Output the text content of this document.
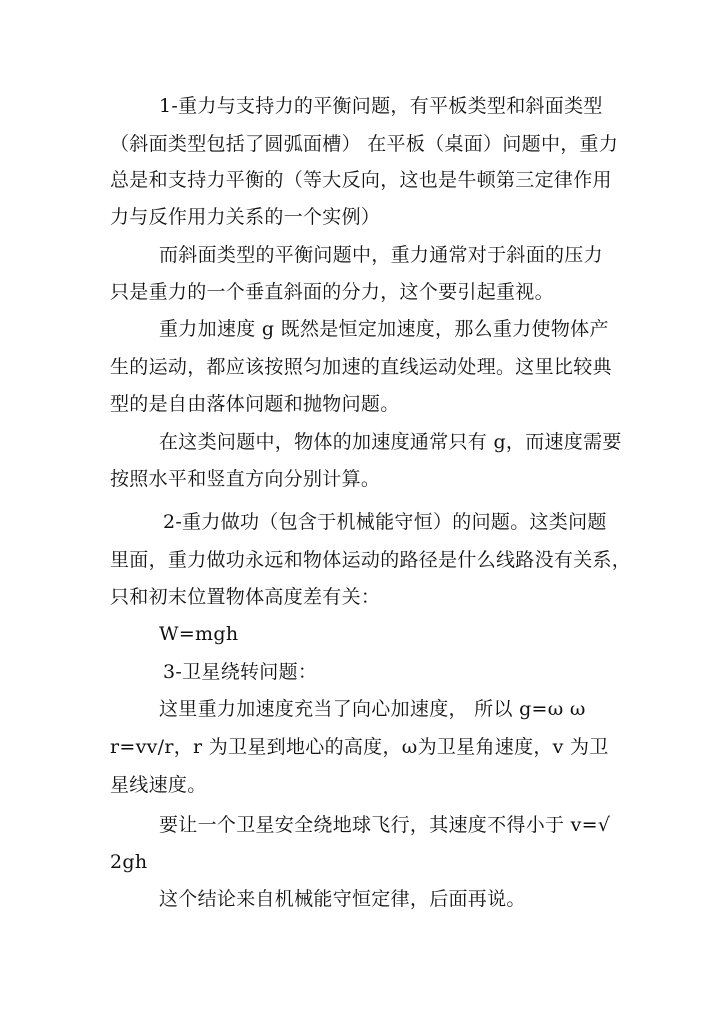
1-重力与支持力的平衡问题，有平板类型和斜面类型
（斜面类型包括了圆弧面槽） 在平板（桌面）问题中，重力
总是和支持力平衡的（等大反向，这也是牛顿第三定律作用
力与反作用力关系的一个实例）
而斜面类型的平衡问题中，重力通常对于斜面的压力
只是重力的一个垂直斜面的分力，这个要引起重视。
重力加速度 g 既然是恒定加速度，那么重力使物体产
生的运动，都应该按照匀加速的直线运动处理。这里比较典
型的是自由落体问题和抛物问题。
在这类问题中，物体的加速度通常只有 g，而速度需要
按照水平和竖直方向分别计算。
2-重力做功（包含于机械能守恒）的问题。这类问题
里面，重力做功永远和物体运动的路径是什么线路没有关系，
只和初末位置物体高度差有关：
W=mgh
3-卫星绕转问题：
这里重力加速度充当了向心加速度， 所以 g=ω ω
r=vv/r，r 为卫星到地心的高度，ω为卫星角速度，v 为卫
星线速度。
要让一个卫星安全绕地球飞行，其速度不得小于 v=√
2gh
这个结论来自机械能守恒定律，后面再说。
